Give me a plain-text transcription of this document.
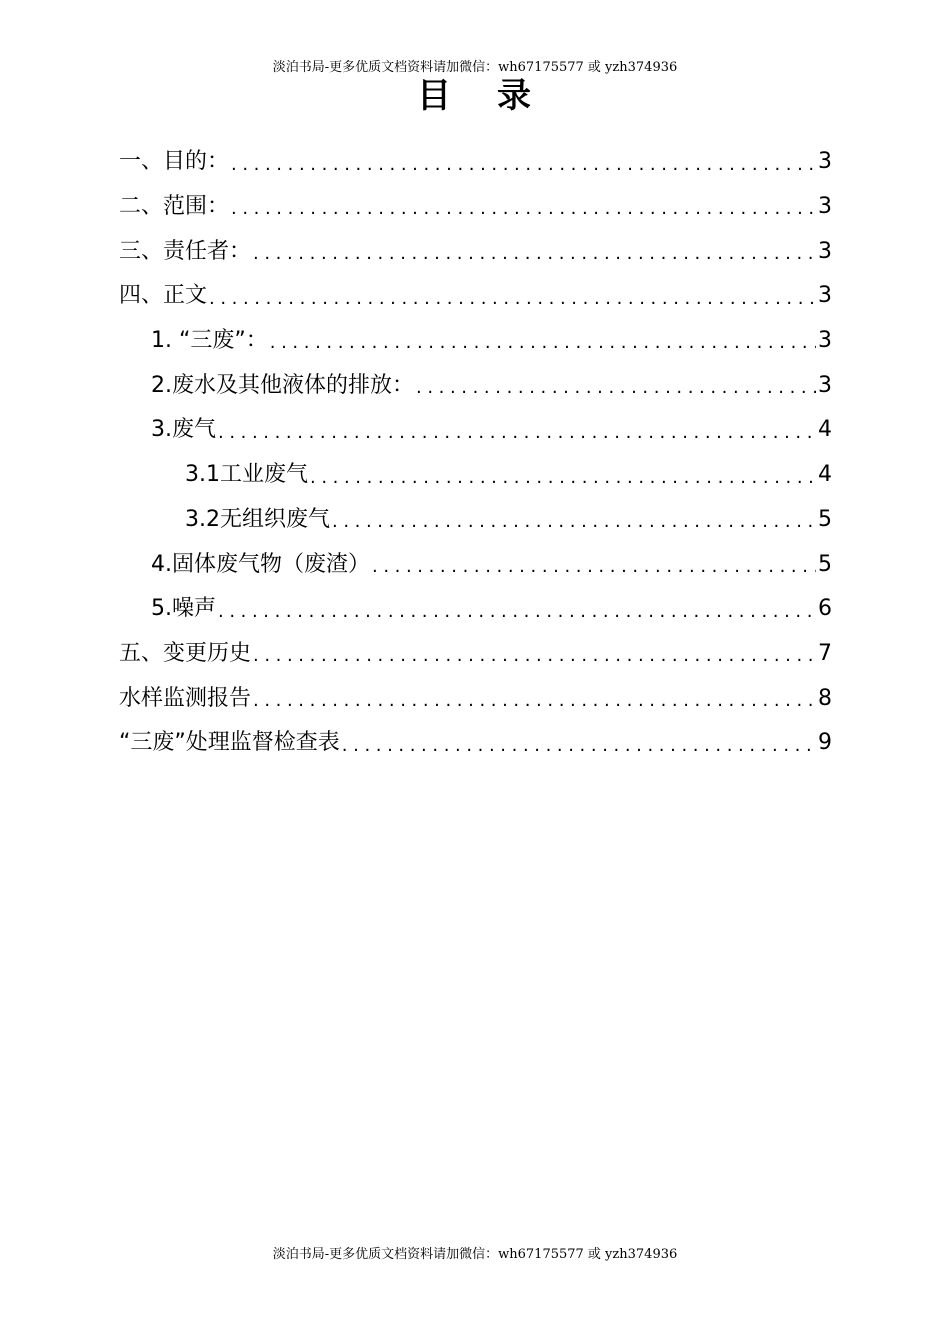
淡泊书局-更多优质文档资料请加微信：wh67175577 或 yzh374936
目 录
一、目的： .....	3
二、范围： .....	3
三、责任者： .....	3
四、正文 .....	3
1. “三废”： .....	3
2.废水及其他液体的排放： .....	3
3.废气 .....	4
3.1工业废气 .....	4
3.2无组织废气 .....	5
4.固体废气物（废渣） .....	5
5.噪声 .....	6
五、变更历史 .....	7
水样监测报告 .....	8
“三废”处理监督检查表 .....	9
淡泊书局-更多优质文档资料请加微信：wh67175577 或 yzh374936
